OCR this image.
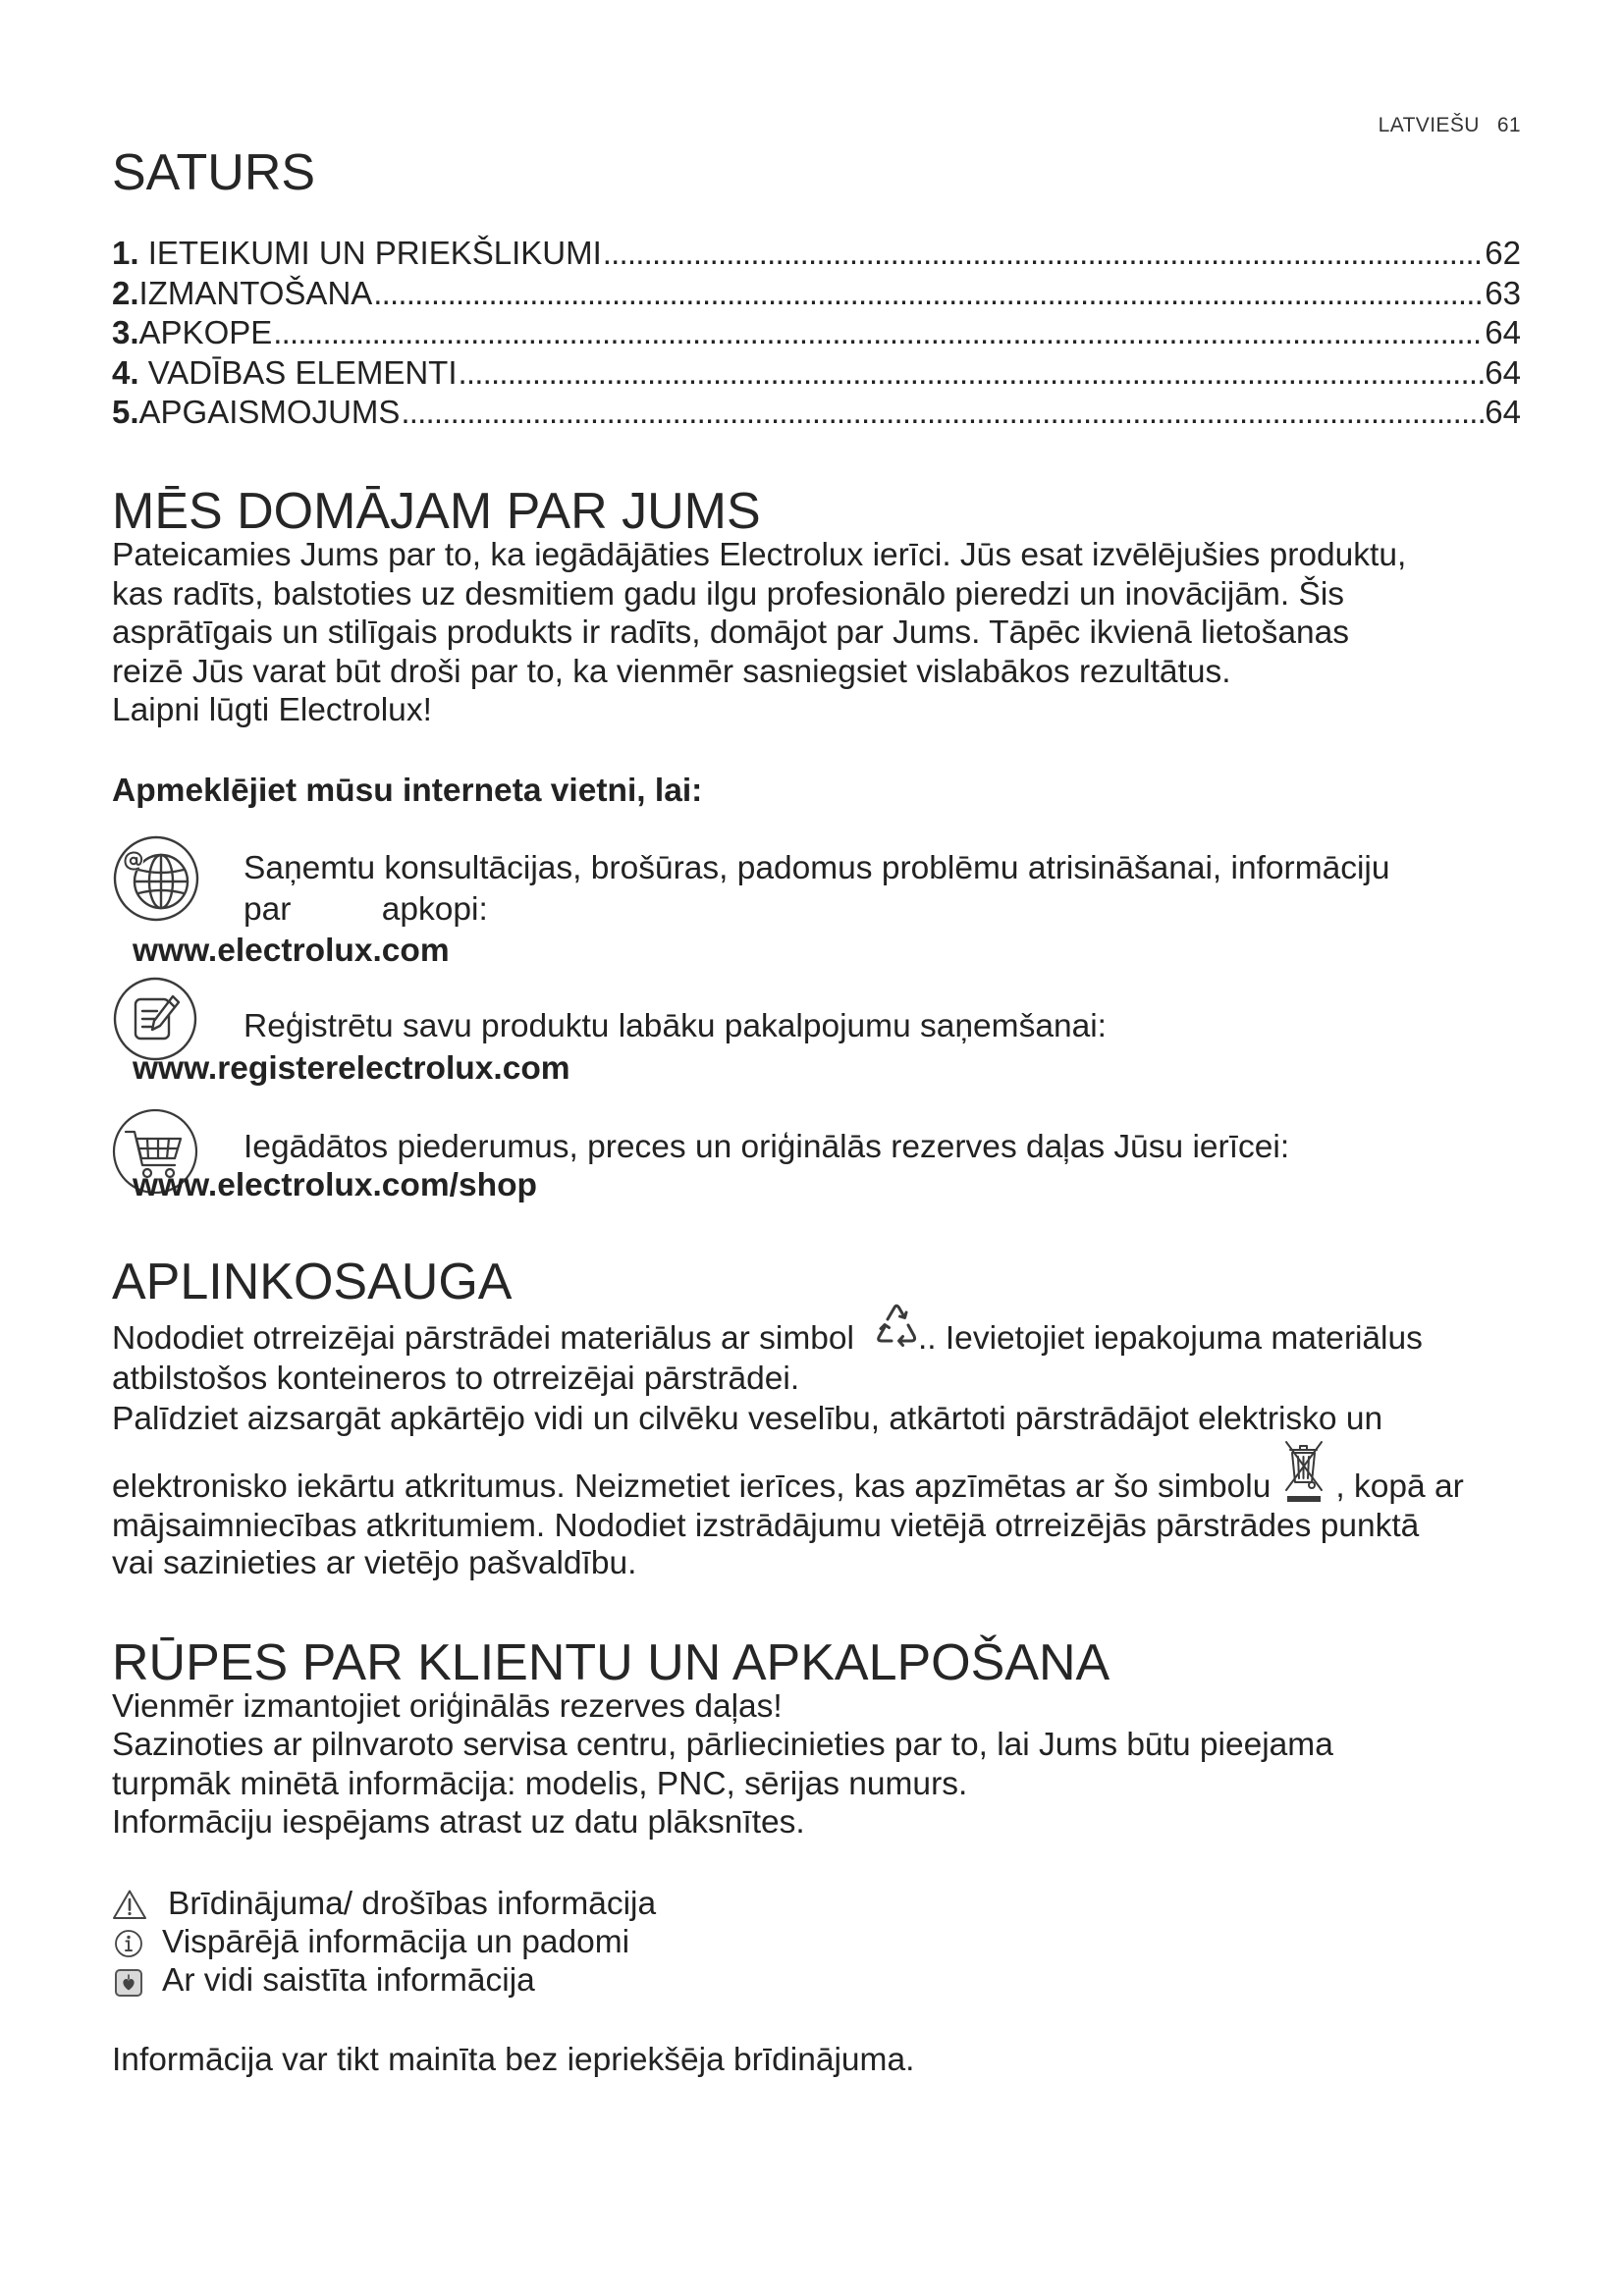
LATVIEŠU 61
SATURS
1. IETEIKUMI UN PRIEKŠLIKUMI .....	62
2. IZMANTOŠANA .....	63
3. APKOPE .....	64
4. VADĪBAS ELEMENTI .....	64
5. APGAISMOJUMS .....	64
MĒS DOMĀJAM PAR JUMS
Pateicamies Jums par to, ka iegādājāties Electrolux ierīci. Jūs esat izvēlējušies produktu,
kas radīts, balstoties uz desmitiem gadu ilgu profesionālo pieredzi un inovācijām. Šis
asprātīgais un stilīgais produkts ir radīts, domājot par Jums. Tāpēc ikvienā lietošanas
reizē Jūs varat būt droši par to, ka vienmēr sasniegsiet vislabākos rezultātus.
Laipni lūgti Electrolux!
Apmeklējiet mūsu interneta vietni, lai:
Saņemtu konsultācijas, brošūras, padomus problēmu atrisināšanai, informāciju
par apkopi:
www.electrolux.com
Reģistrētu savu produktu labāku pakalpojumu saņemšanai:
www.registerelectrolux.com
Iegādātos piederumus, preces un oriģinālās rezerves daļas Jūsu ierīcei:
www.electrolux.com/shop
APLINKOSAUGA
Nododiet otrreizējai pārstrādei materiālus ar simbol .. Ievietojiet iepakojuma materiālus
atbilstošos konteineros to otrreizējai pārstrādei.
Palīdziet aizsargāt apkārtējo vidi un cilvēku veselību, atkārtoti pārstrādājot elektrisko un
elektronisko iekārtu atkritumus. Neizmetiet ierīces, kas apzīmētas ar šo simbolu , kopā ar
mājsaimniecības atkritumiem. Nododiet izstrādājumu vietējā otrreizējās pārstrādes punktā
vai sazinieties ar vietējo pašvaldību.
RŪPES PAR KLIENTU UN APKALPOŠANA
Vienmēr izmantojiet oriģinālās rezerves daļas!
Sazinoties ar pilnvaroto servisa centru, pārliecinieties par to, lai Jums būtu pieejama
turpmāk minētā informācija: modelis, PNC, sērijas numurs.
Informāciju iespējams atrast uz datu plāksnītes.
Brīdinājuma/ drošības informācija
Vispārējā informācija un padomi
Ar vidi saistīta informācija
Informācija var tikt mainīta bez iepriekšēja brīdinājuma.
